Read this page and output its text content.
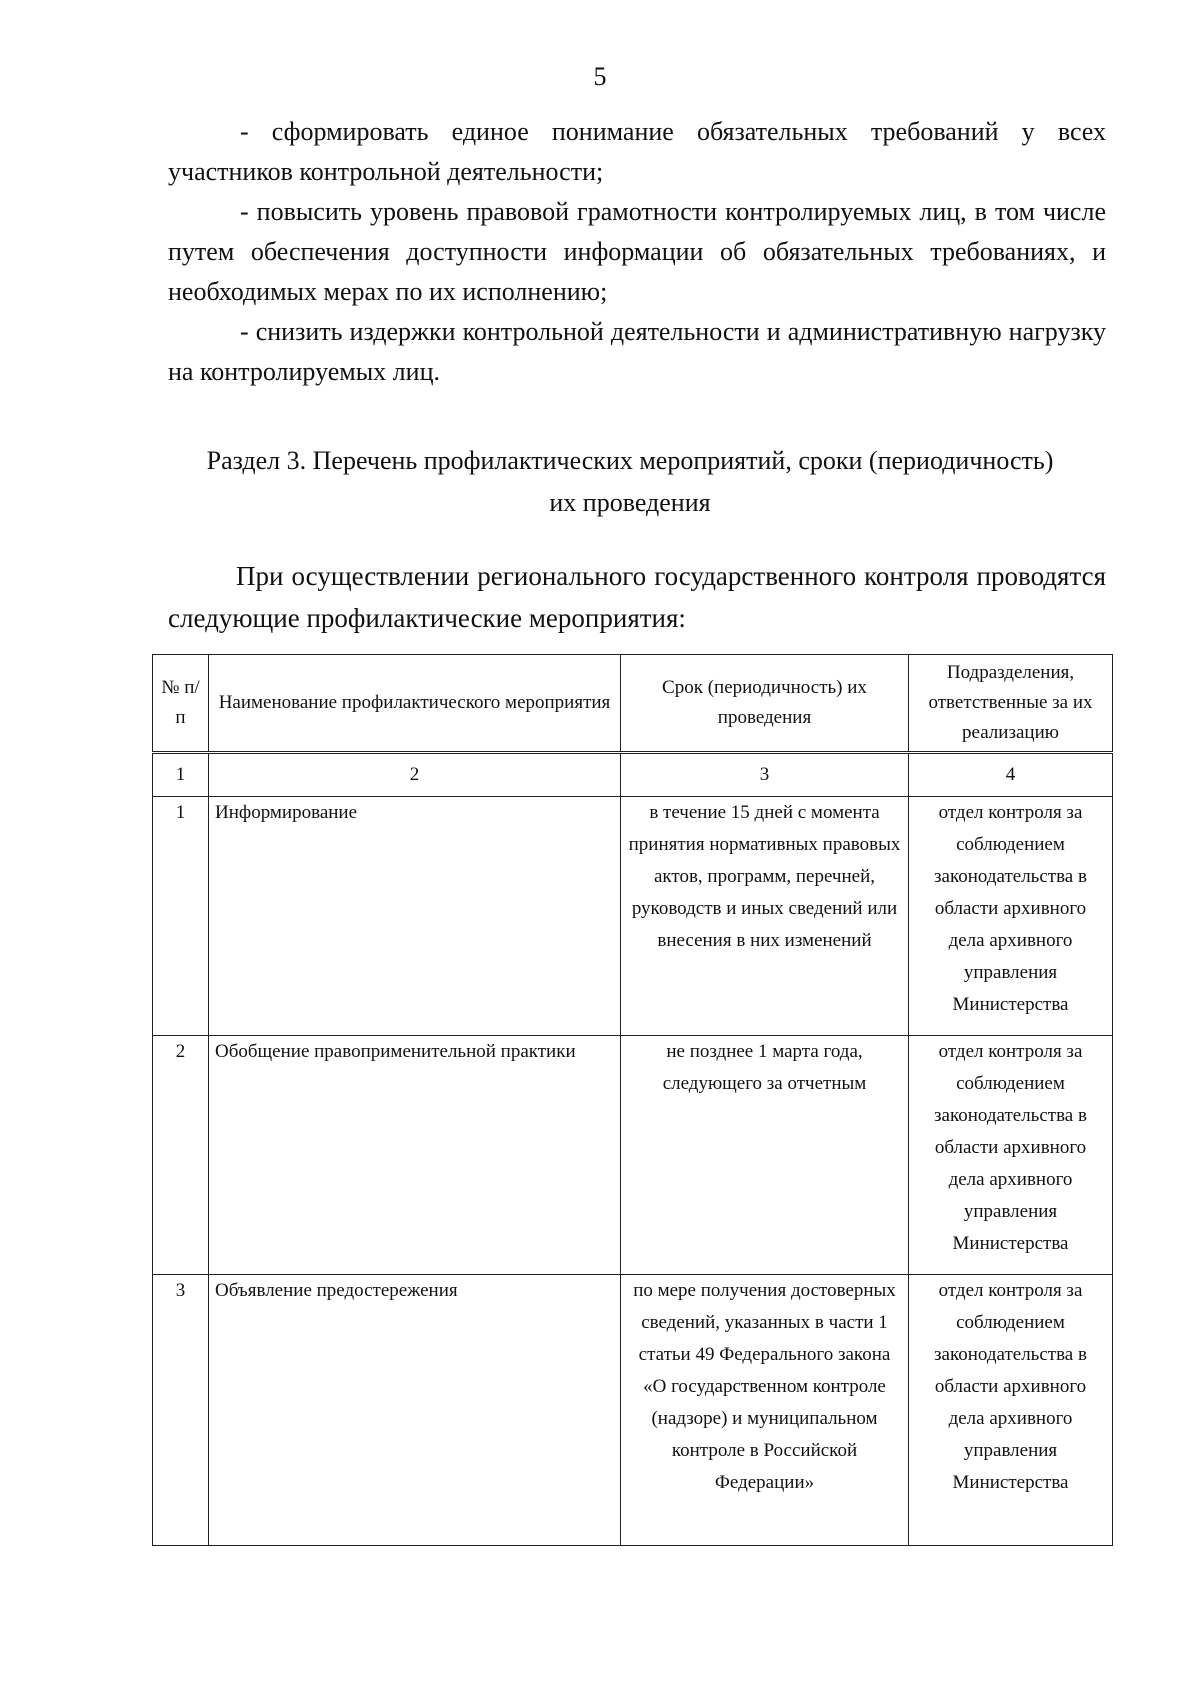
5

- сформировать единое понимание обязательных требований у всех участников контрольной деятельности;

- повысить уровень правовой грамотности контролируемых лиц, в том числе путем обеспечения доступности информации об обязательных требованиях, и необходимых мерах по их исполнению;

- снизить издержки контрольной деятельности и административную нагрузку на контролируемых лиц.

Раздел 3. Перечень профилактических мероприятий, сроки (периодичность)
их проведения

При осуществлении регионального государственного контроля проводятся следующие профилактические мероприятия:

№ п/п	Наименование профилактического мероприятия	Срок (периодичность) их проведения	Подразделения, ответственные за их реализацию
1	2	3	4
1	Информирование	в течение 15 дней с момента принятия нормативных правовых актов, программ, перечней, руководств и иных сведений или внесения в них изменений	отдел контроля за соблюдением законодательства в области архивного дела архивного управления Министерства
2	Обобщение правоприменительной практики	не позднее 1 марта года, следующего за отчетным	отдел контроля за соблюдением законодательства в области архивного дела архивного управления Министерства
3	Объявление предостережения	по мере получения достоверных сведений, указанных в части 1 статьи 49 Федерального закона «О государственном контроле (надзоре) и муниципальном контроле в Российской Федерации»	отдел контроля за соблюдением законодательства в области архивного дела архивного управления Министерства
